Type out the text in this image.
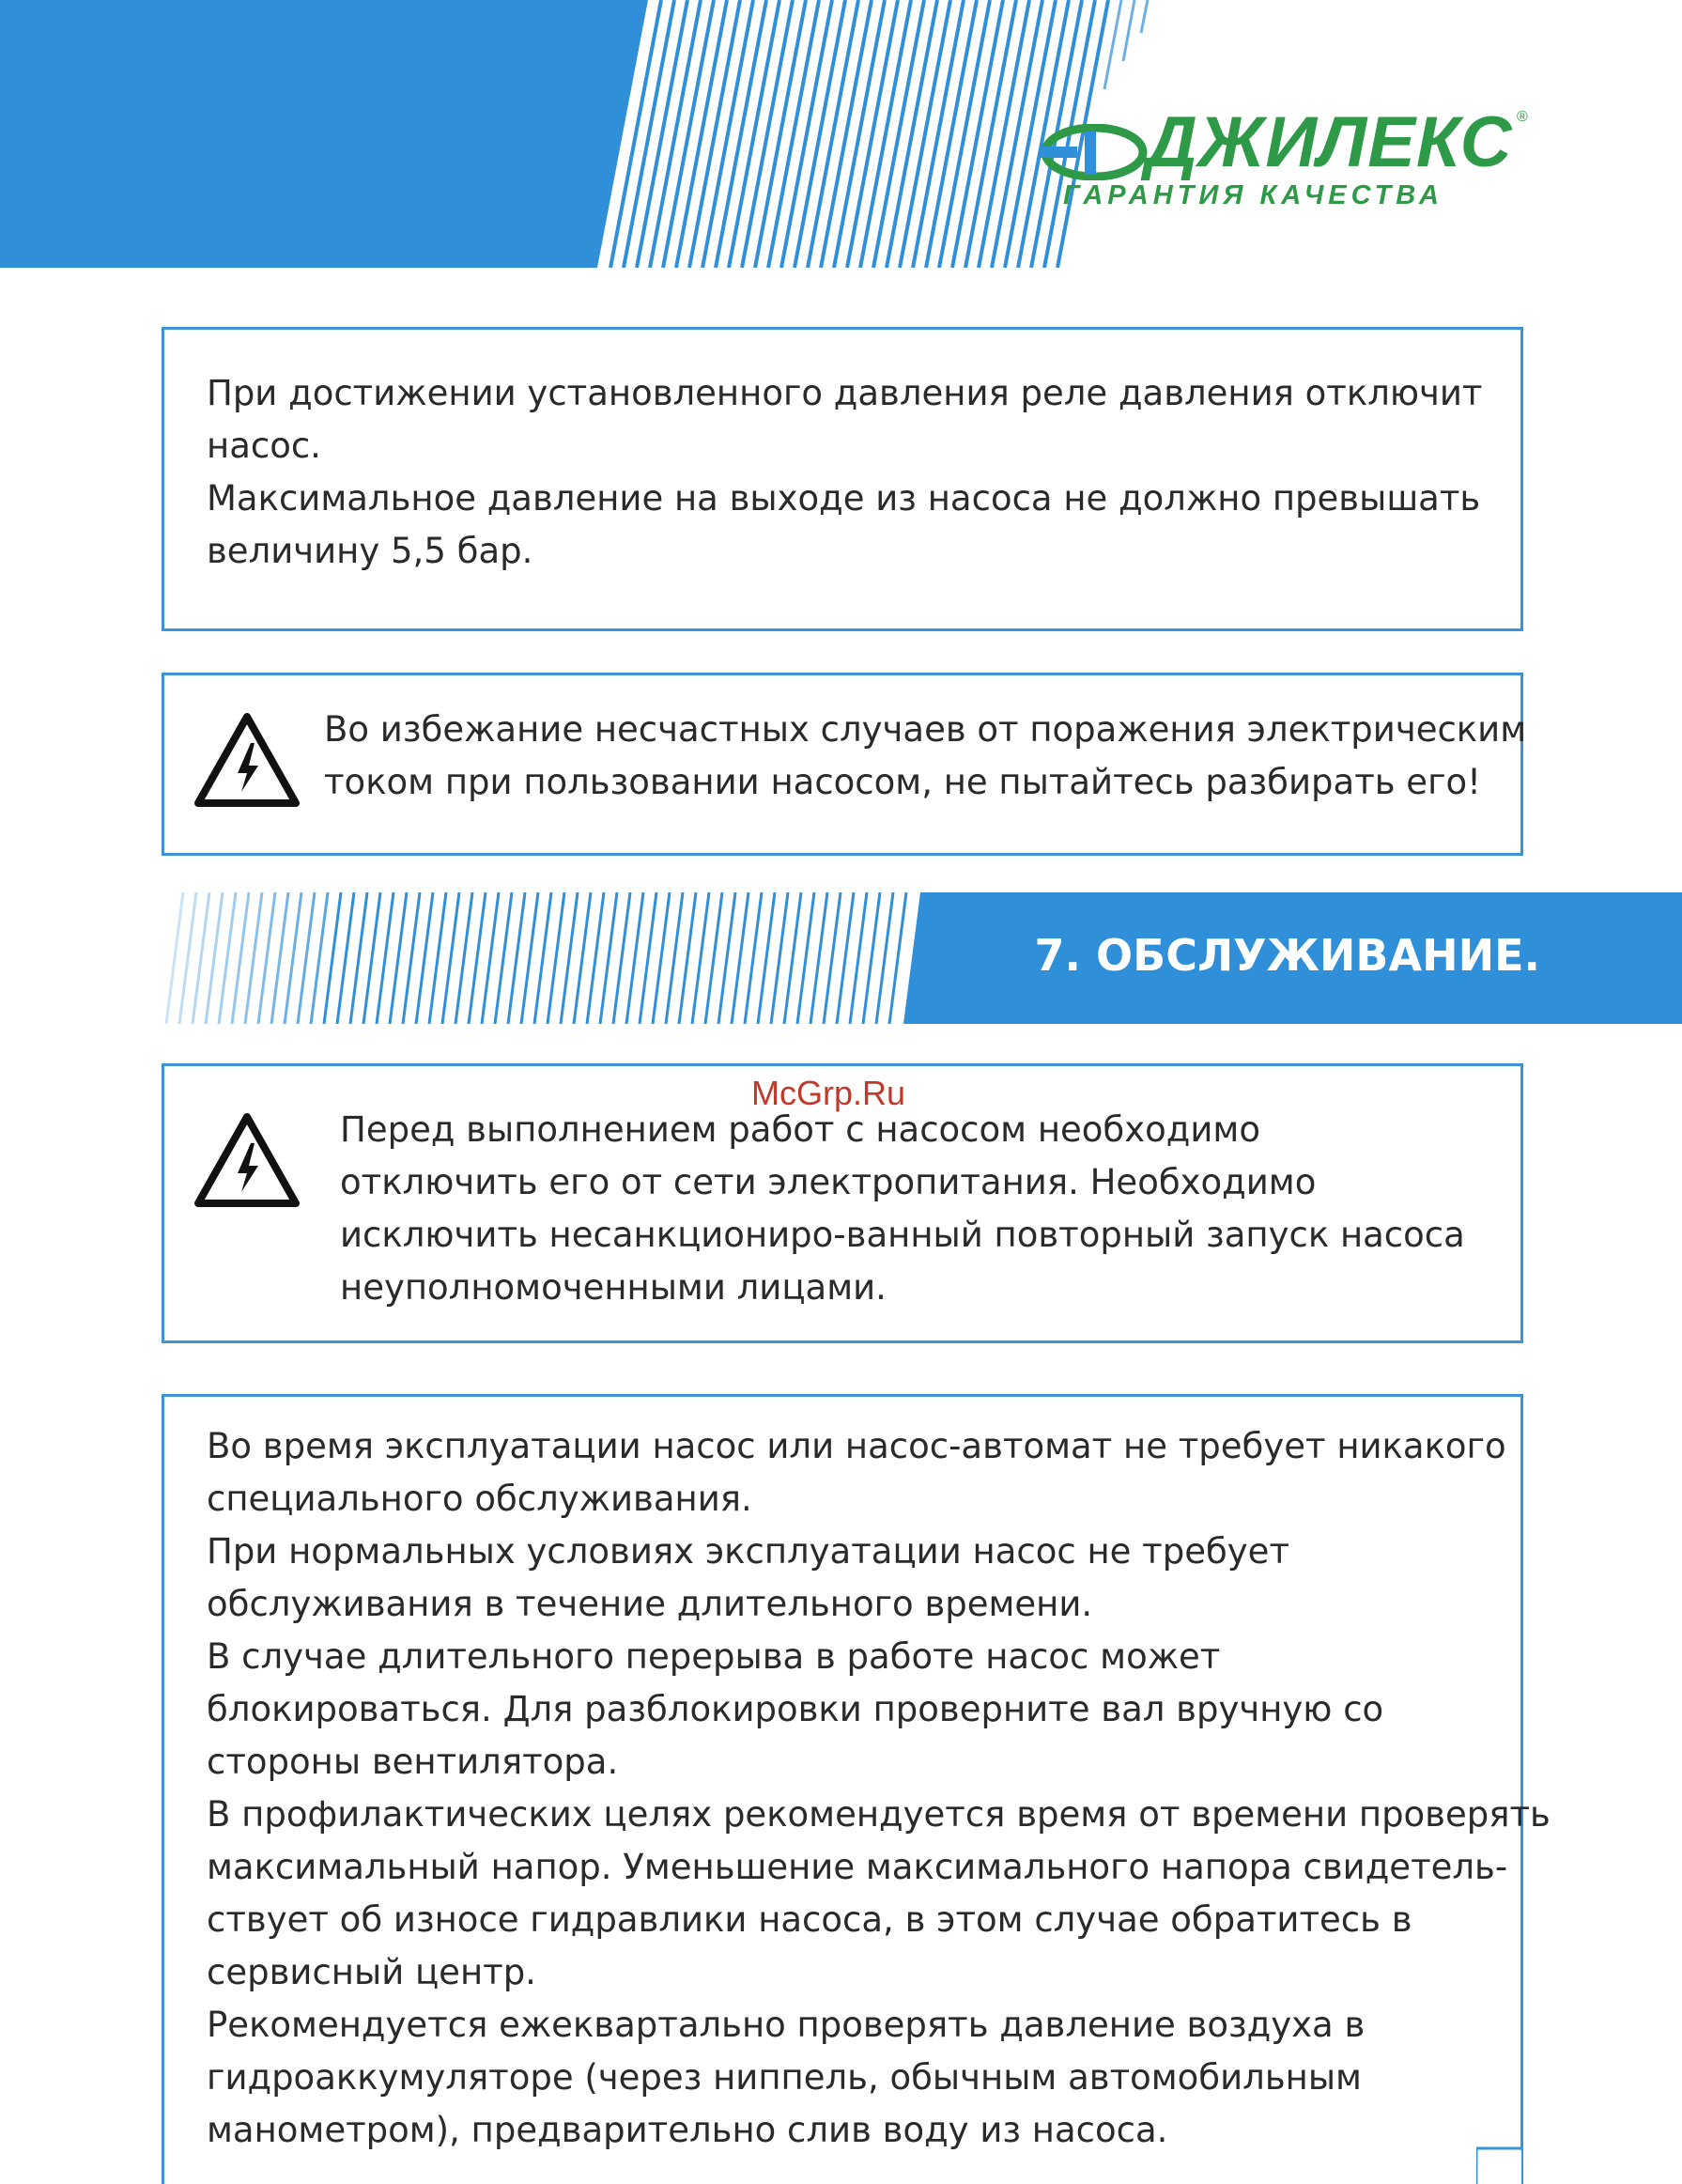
ДЖИЛЕКС ®
ГАРАНТИЯ КАЧЕСТВА

При достижении установленного давления реле давления отключит

насос.

Максимальное давление на выходе из насоса не должно превышать

величину 5,5 бар.

Во избежание несчастных случаев от поражения электрическим

током при пользовании насосом, не пытайтесь разбирать его!

7. ОБСЛУЖИВАНИЕ.

Перед выполнением работ с насосом необходимо

отключить его от сети электропитания. Необходимо

исключить несанкциониро-ванный повторный запуск насоса

неуполномоченными лицами.

McGrp.Ru

Во время эксплуатации насос или насос-автомат не требует никакого

специального обслуживания.

При нормальных условиях эксплуатации насос не требует

обслуживания в течение длительного времени.

В случае длительного перерыва в работе насос может

блокироваться. Для разблокировки проверните вал вручную со

стороны вентилятора.

В профилактических целях рекомендуется время от времени проверять

максимальный напор. Уменьшение максимального напора свидетель-

ствует об износе гидравлики насоса, в этом случае обратитесь в

сервисный центр.

Рекомендуется ежеквартально проверять давление воздуха в

гидроаккумуляторе (через ниппель, обычным автомобильным

манометром), предварительно слив воду из насоса.
